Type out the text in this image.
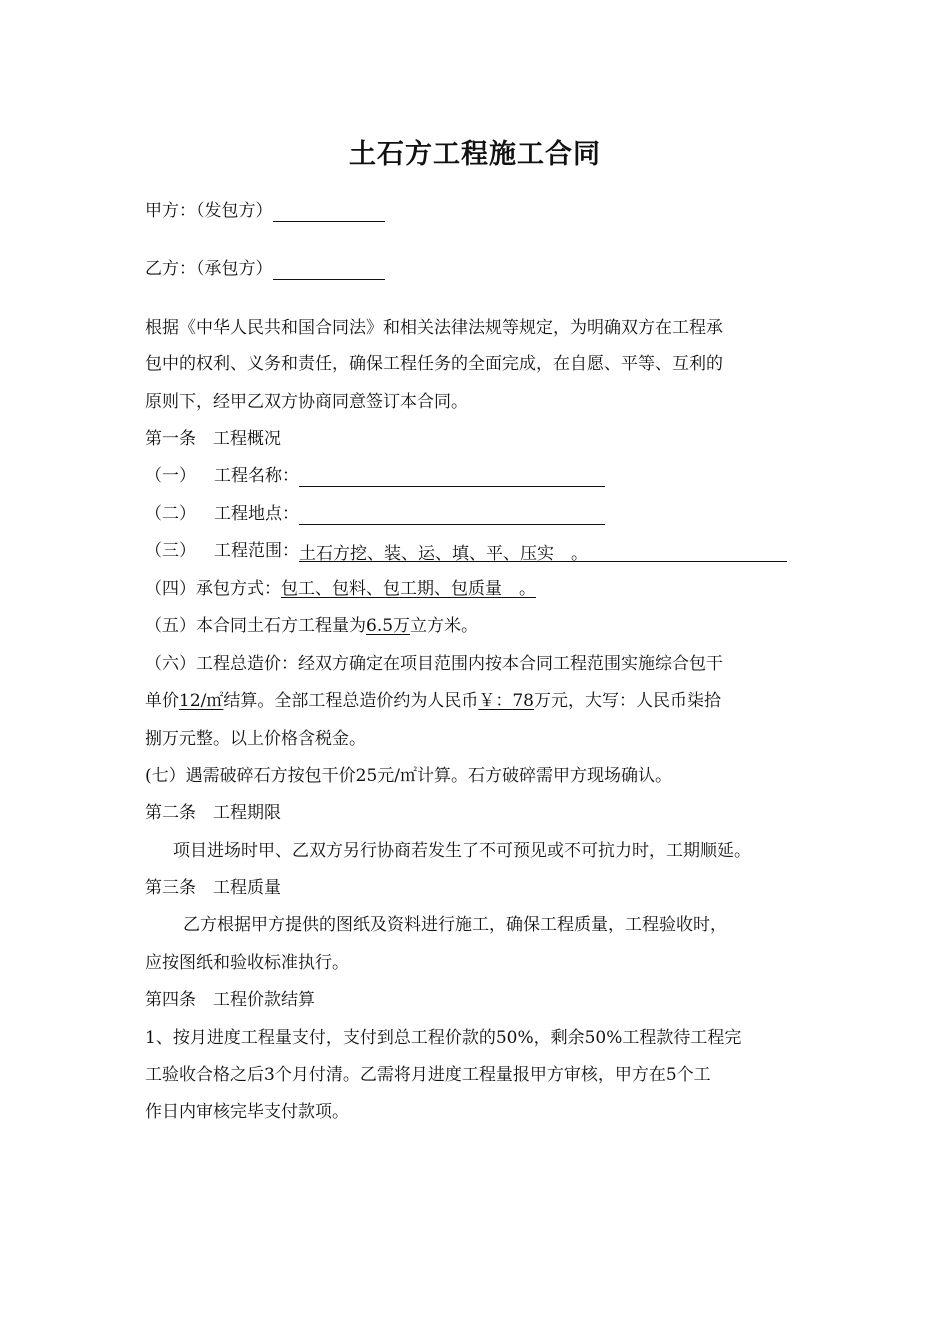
土石方工程施工合同
甲方：（发包方）
乙方：（承包方）
根据《中华人民共和国合同法》和相关法律法规等规定，为明确双方在工程承
包中的权利、义务和责任，确保工程任务的全面完成，在自愿、平等、互利的
原则下，经甲乙双方协商同意签订本合同。
第一条　工程概况
（一） 工程名称：
（二） 工程地点：
（三） 工程范围：土石方挖、装、运、填、平、压实　。
（四）承包方式：包工、包料、包工期、包质量　。
（五）本合同土石方工程量为6.5万立方米。
（六）工程总造价：经双方确定在项目范围内按本合同工程范围实施综合包干
单价12/㎡结算。全部工程总造价约为人民币￥：78万元，大写：人民币柒拾
捌万元整。以上价格含税金。
(七）遇需破碎石方按包干价25元/㎡计算。石方破碎需甲方现场确认。
第二条　工程期限
项目进场时甲、乙双方另行协商若发生了不可预见或不可抗力时，工期顺延。
第三条　工程质量
乙方根据甲方提供的图纸及资料进行施工，确保工程质量，工程验收时，
应按图纸和验收标准执行。
第四条　工程价款结算
1、按月进度工程量支付，支付到总工程价款的50%，剩余50%工程款待工程完
工验收合格之后3个月付清。乙需将月进度工程量报甲方审核，甲方在5个工
作日内审核完毕支付款项。
